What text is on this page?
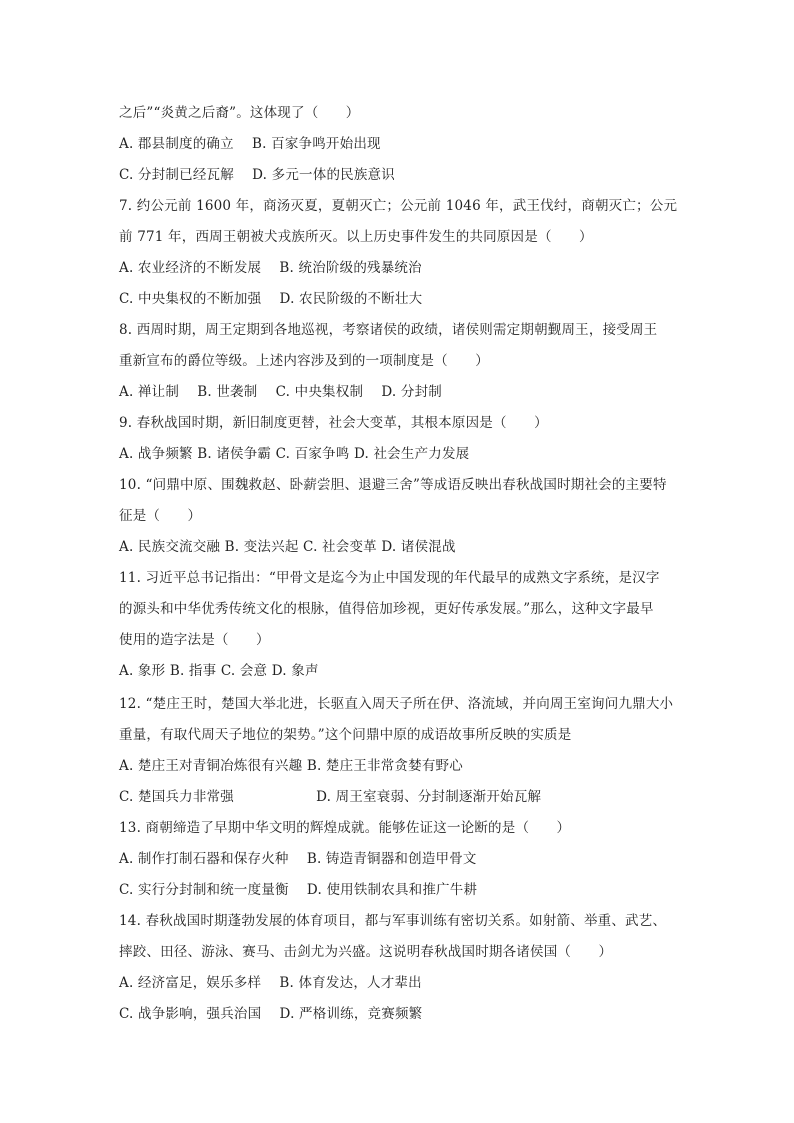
之后”“炎黄之后裔”。这体现了（　　）
A. 郡县制度的确立　 B. 百家争鸣开始出现
C. 分封制已经瓦解　 D. 多元一体的民族意识
7. 约公元前 1600 年，商汤灭夏，夏朝灭亡；公元前 1046 年，武王伐纣，商朝灭亡；公元
前 771 年，西周王朝被犬戎族所灭。以上历史事件发生的共同原因是（　　）
A. 农业经济的不断发展　 B. 统治阶级的残暴统治
C. 中央集权的不断加强　 D. 农民阶级的不断壮大
8. 西周时期，周王定期到各地巡视，考察诸侯的政绩，诸侯则需定期朝觐周王，接受周王
重新宣布的爵位等级。上述内容涉及到的一项制度是（　　）
A. 禅让制　 B. 世袭制　 C. 中央集权制　 D. 分封制
9. 春秋战国时期，新旧制度更替，社会大变革，其根本原因是（　　）
A. 战争频繁 B. 诸侯争霸 C. 百家争鸣 D. 社会生产力发展
10. “问鼎中原、围魏救赵、卧薪尝胆、退避三舍”等成语反映出春秋战国时期社会的主要特
征是（　　）
A. 民族交流交融 B. 变法兴起 C. 社会变革 D. 诸侯混战
11. 习近平总书记指出：“甲骨文是迄今为止中国发现的年代最早的成熟文字系统，是汉字
的源头和中华优秀传统文化的根脉，值得倍加珍视，更好传承发展。”那么，这种文字最早
使用的造字法是（　　）
A. 象形 B. 指事 C. 会意 D. 象声
12. “楚庄王时，楚国大举北进，长驱直入周天子所在伊、洛流域，并向周王室询问九鼎大小
重量，有取代周天子地位的架势。”这个问鼎中原的成语故事所反映的实质是
A. 楚庄王对青铜冶炼很有兴趣 B. 楚庄王非常贪婪有野心
C. 楚国兵力非常强　　　　　　D. 周王室衰弱、分封制逐渐开始瓦解
13. 商朝缔造了早期中华文明的辉煌成就。能够佐证这一论断的是（　　）
A. 制作打制石器和保存火种　 B. 铸造青铜器和创造甲骨文
C. 实行分封制和统一度量衡　 D. 使用铁制农具和推广牛耕
14. 春秋战国时期蓬勃发展的体育项目，都与军事训练有密切关系。如射箭、举重、武艺、
摔跤、田径、游泳、赛马、击剑尤为兴盛。这说明春秋战国时期各诸侯国（　　）
A. 经济富足，娱乐多样　 B. 体育发达，人才辈出
C. 战争影响，强兵治国　 D. 严格训练，竞赛频繁
